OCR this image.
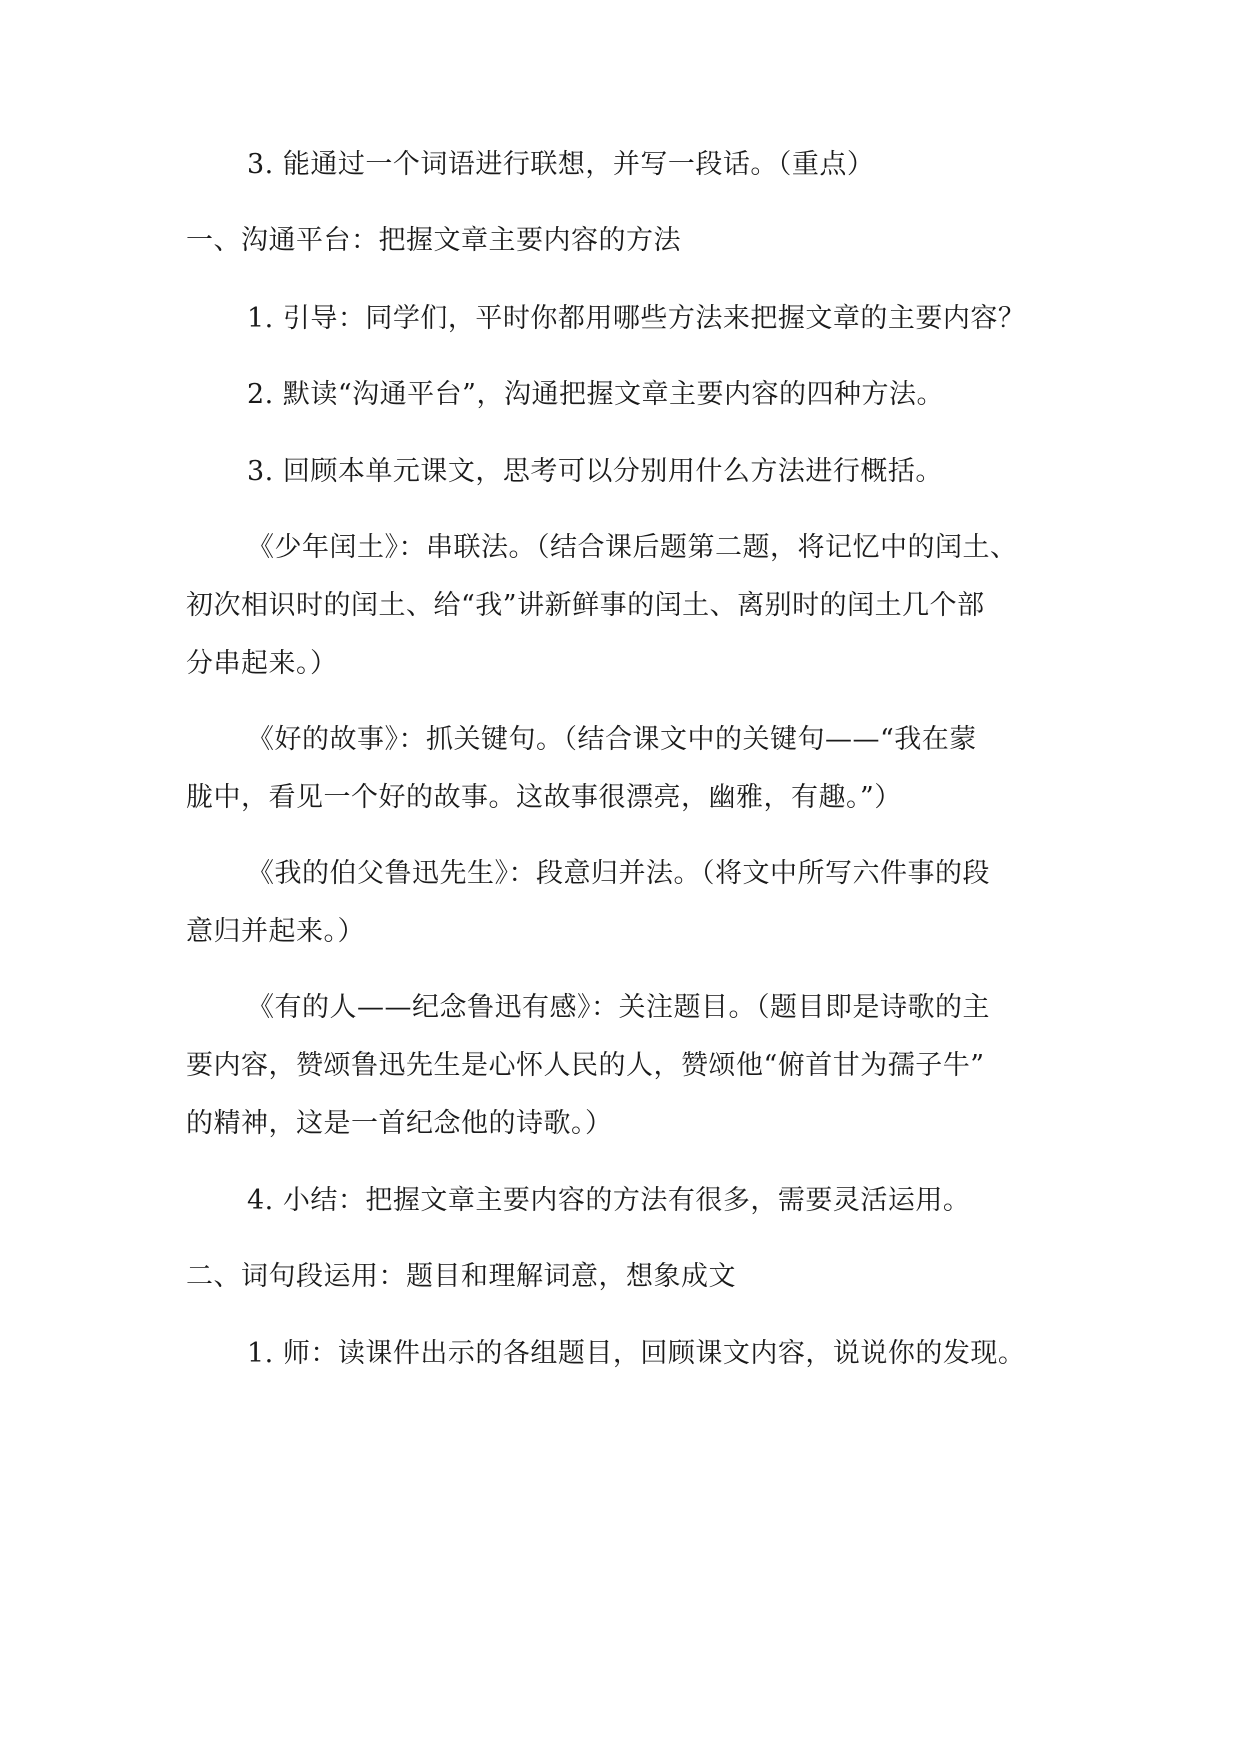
3. 能通过一个词语进行联想，并写一段话。（重点）
一、沟通平台：把握文章主要内容的方法
1. 引导：同学们，平时你都用哪些方法来把握文章的主要内容？
2. 默读“沟通平台”，沟通把握文章主要内容的四种方法。
3. 回顾本单元课文，思考可以分别用什么方法进行概括。
《少年闰土》：串联法。（结合课后题第二题，将记忆中的闰土、
初次相识时的闰土、给“我”讲新鲜事的闰土、离别时的闰土几个部
分串起来。）
《好的故事》：抓关键句。（结合课文中的关键句——“我在蒙
胧中，看见一个好的故事。这故事很漂亮，幽雅，有趣。”）
《我的伯父鲁迅先生》：段意归并法。（将文中所写六件事的段
意归并起来。）
《有的人——纪念鲁迅有感》：关注题目。（题目即是诗歌的主
要内容，赞颂鲁迅先生是心怀人民的人，赞颂他“俯首甘为孺子牛”
的精神，这是一首纪念他的诗歌。）
4. 小结：把握文章主要内容的方法有很多，需要灵活运用。
二、词句段运用：题目和理解词意，想象成文
1. 师：读课件出示的各组题目，回顾课文内容，说说你的发现。
